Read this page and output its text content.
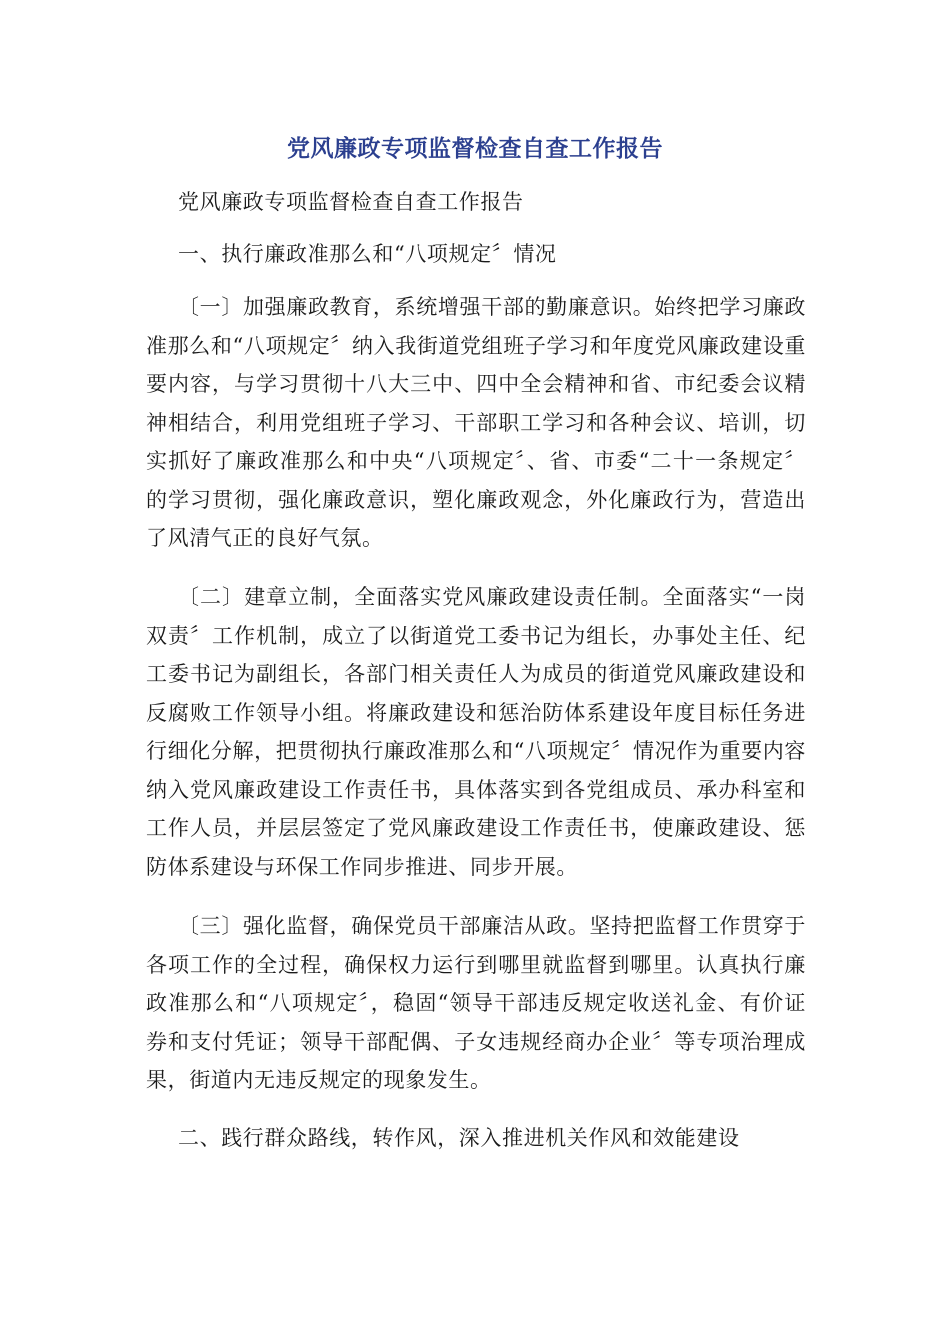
党风廉政专项监督检查自查工作报告

党风廉政专项监督检查自查工作报告

一、执行廉政准那么和“八项规定〞情况

〔一〕加强廉政教育，系统增强干部的勤廉意识。始终把学习廉政准那么和“八项规定〞纳入我街道党组班子学习和年度党风廉政建设重要内容，与学习贯彻十八大三中、四中全会精神和省、市纪委会议精神相结合，利用党组班子学习、干部职工学习和各种会议、培训，切实抓好了廉政准那么和中央“八项规定〞、省、市委“二十一条规定〞的学习贯彻，强化廉政意识，塑化廉政观念，外化廉政行为，营造出了风清气正的良好气氛。

〔二〕建章立制，全面落实党风廉政建设责任制。全面落实“一岗双责〞工作机制，成立了以街道党工委书记为组长，办事处主任、纪工委书记为副组长，各部门相关责任人为成员的街道党风廉政建设和反腐败工作领导小组。将廉政建设和惩治防体系建设年度目标任务进行细化分解，把贯彻执行廉政准那么和“八项规定〞情况作为重要内容纳入党风廉政建设工作责任书，具体落实到各党组成员、承办科室和工作人员，并层层签定了党风廉政建设工作责任书，使廉政建设、惩防体系建设与环保工作同步推进、同步开展。

〔三〕强化监督，确保党员干部廉洁从政。坚持把监督工作贯穿于各项工作的全过程，确保权力运行到哪里就监督到哪里。认真执行廉政准那么和“八项规定〞，稳固“领导干部违反规定收送礼金、有价证券和支付凭证；领导干部配偶、子女违规经商办企业〞等专项治理成果，街道内无违反规定的现象发生。

二、践行群众路线，转作风，深入推进机关作风和效能建设
